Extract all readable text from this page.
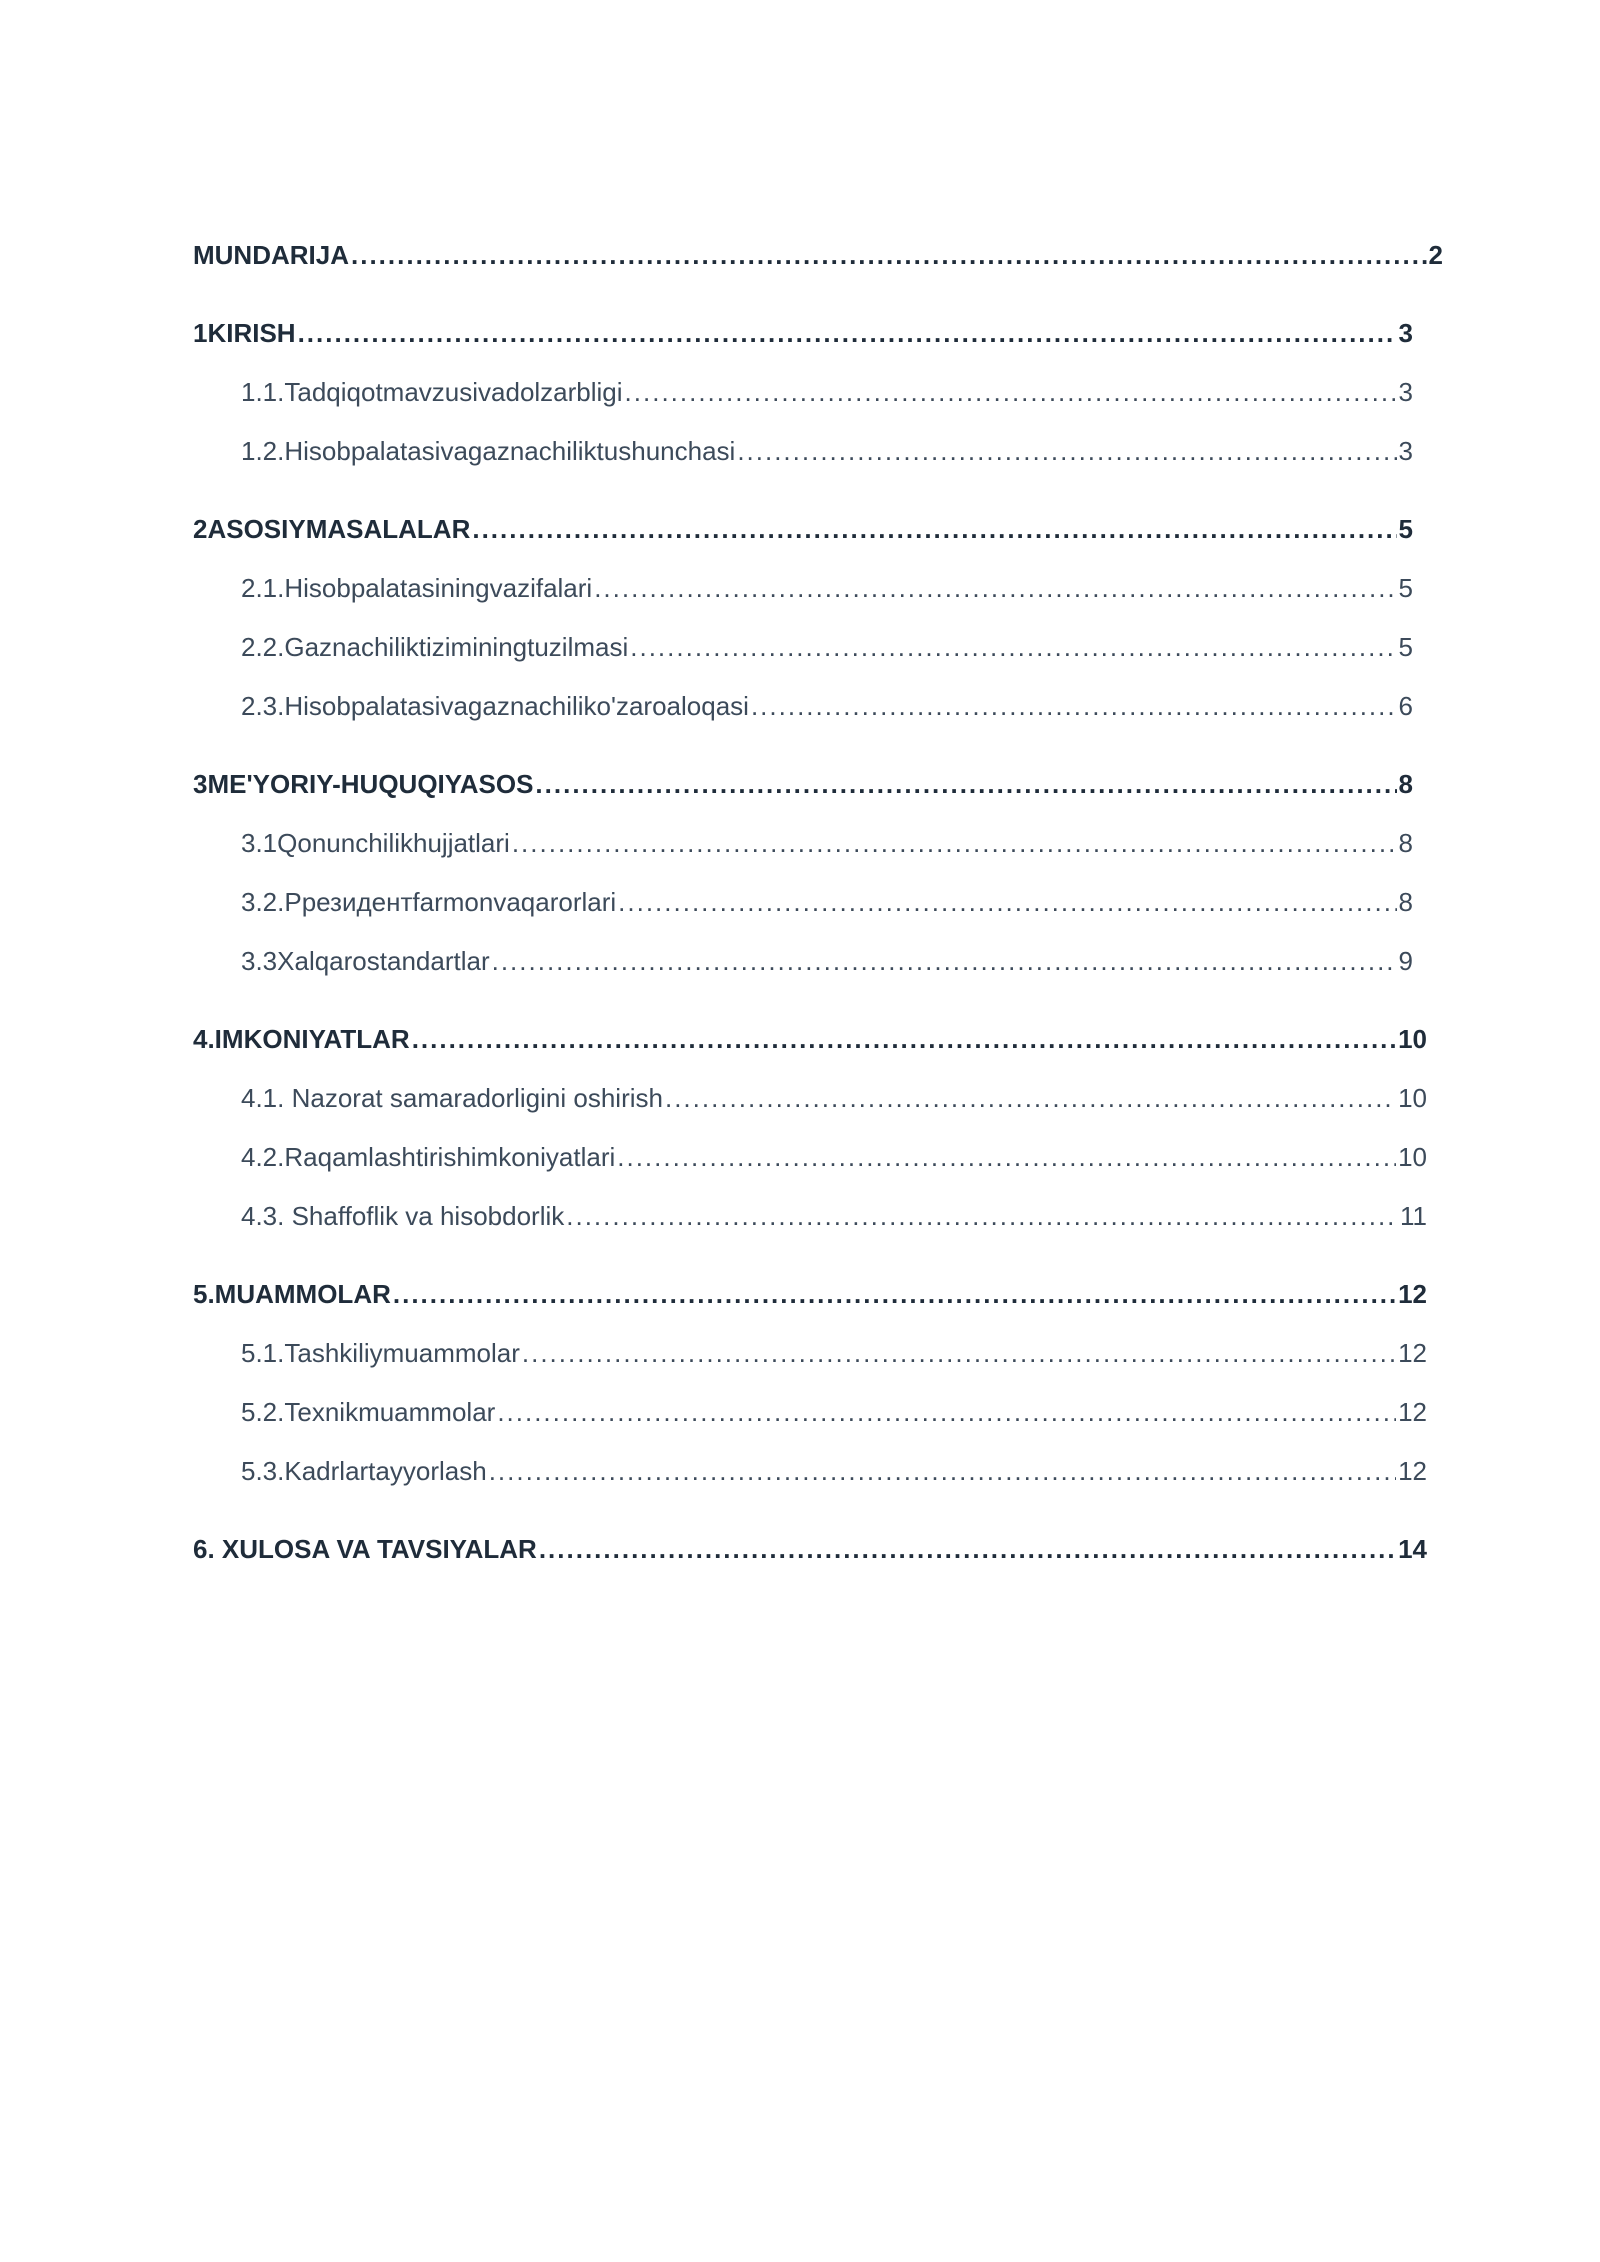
MUNDARIJA .....	2
1KIRISH .....	3
1.1.Tadqiqotmavzusivadolzarbligi .....	3
1.2.Hisobpalatasivagaznachiliktushunchasi .....	3
2ASOSIYMASALALAR .....	5
2.1.Hisobpalatasiningvazifalari .....	5
2.2.Gaznachiliktiziminingtuzilmasi .....	5
2.3.Hisobpalatasivagaznachiliko'zaroaloqasi .....	6
3ME'YORIY-HUQUQIYASOS .....	8
3.1Qonunchilikhujjatlari .....	8
3.2.Pрезидентfarmonvaqarorlari .....	8
3.3Xalqarostandartlar .....	9
4.IMKONIYATLAR .....	10
4.1. Nazorat samaradorligini oshirish .....	10
4.2.Raqamlashtirishimkoniyatlari .....	10
4.3. Shaffoflik va hisobdorlik .....	11
5.MUAMMOLAR .....	12
5.1.Tashkiliymuammolar .....	12
5.2.Texnikmuammolar .....	12
5.3.Kadrlartayyorlash .....	12
6. XULOSA VA TAVSIYALAR .....	14
